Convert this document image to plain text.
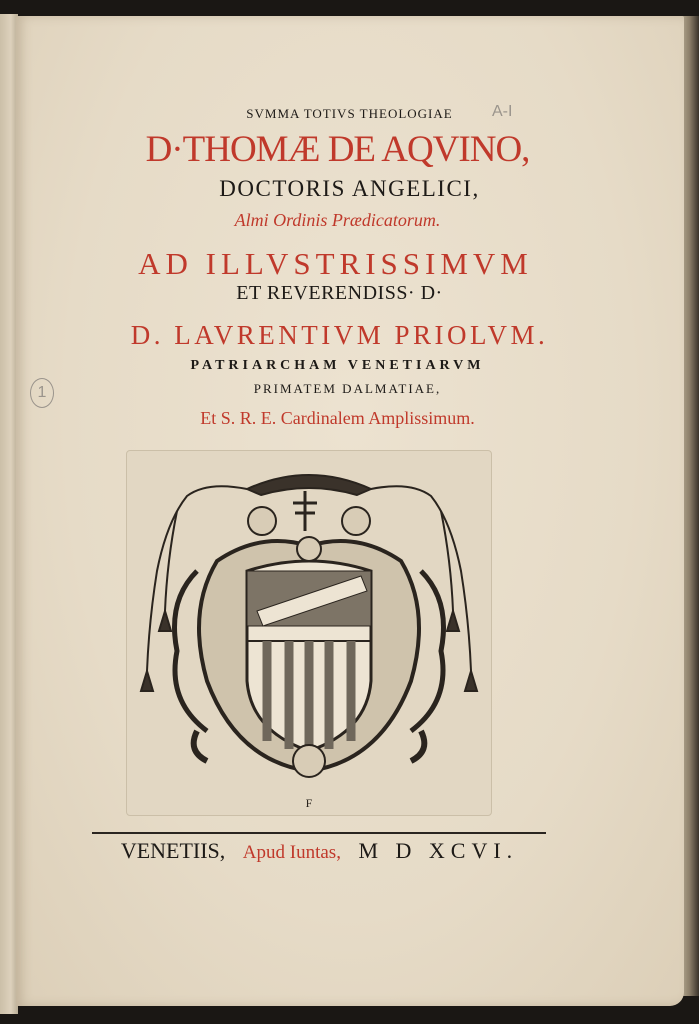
SVMMA TOTIVS THEOLOGIAE	A-I
D·THOMÆ DE AQVINO,
DOCTORIS ANGELICI,
Almi Ordinis Prædicatorum.
AD ILLVSTRISSIMVM
ET REVERENDISS· D·
D. LAVRENTIVM PRIOLVM.
PATRIARCHAM VENETIARVM
PRIMATEM DALMATIAE,
1
Et S. R. E. Cardinalem Amplissimum.
F
VENETIIS, Apud Iuntas, M D XCVI.
